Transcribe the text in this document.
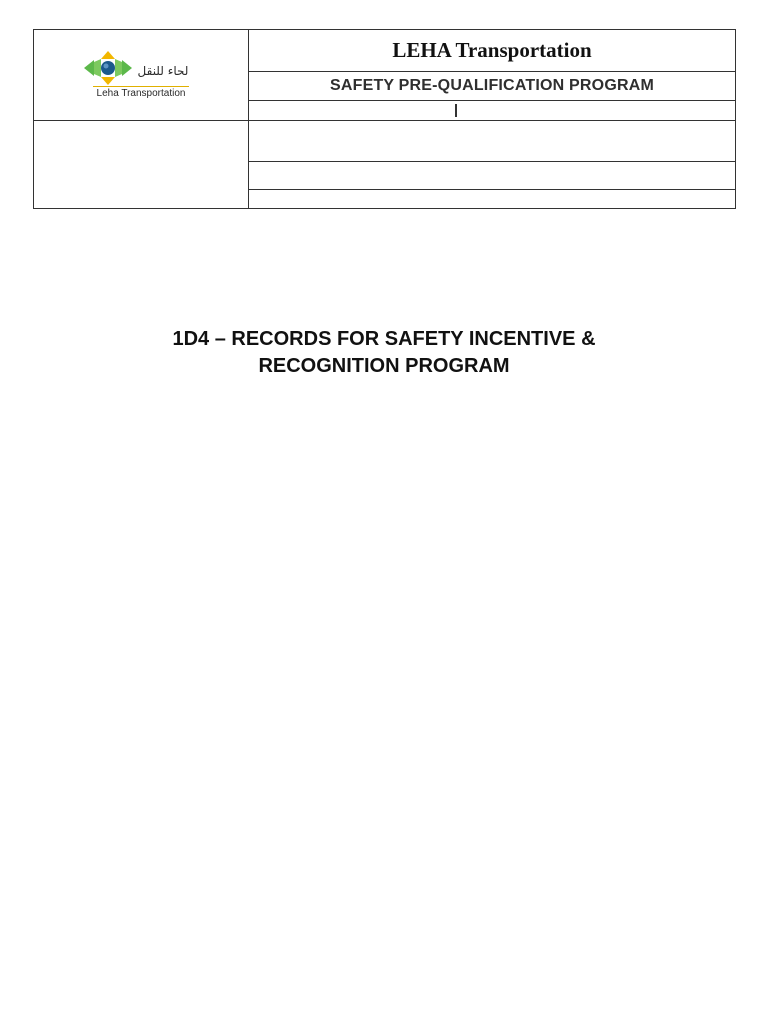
لحاء للنقل
Leha Transportation	LEHA Transportation
	SAFETY PRE-QUALIFICATION PROGRAM

1D4 – RECORDS FOR SAFETY INCENTIVE &
RECOGNITION PROGRAM
